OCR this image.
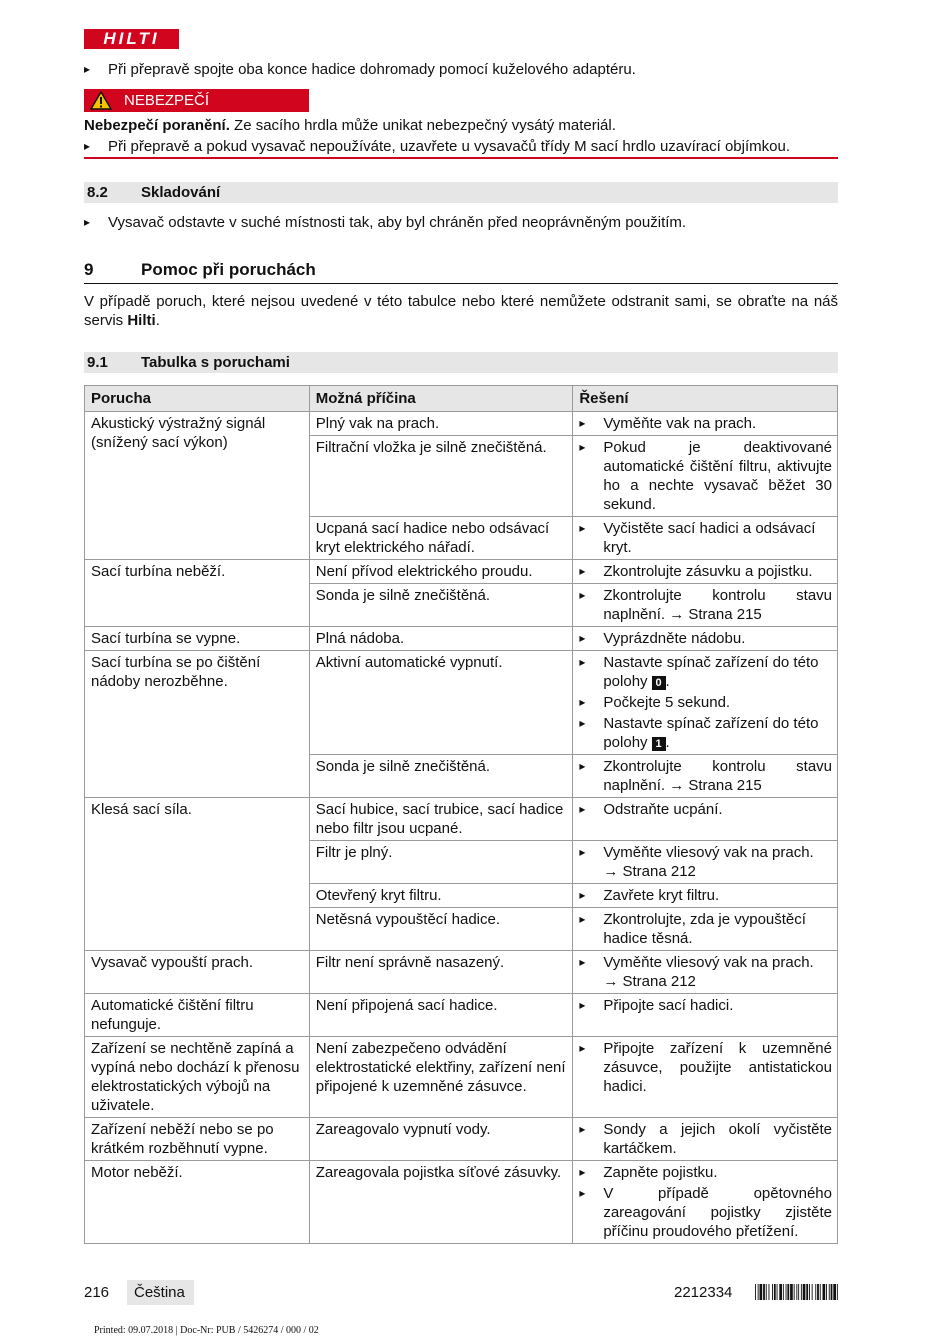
HILTI
▸ Při přepravě spojte oba konce hadice dohromady pomocí kuželového adaptéru.
NEBEZPEČÍ
Nebezpečí poranění. Ze sacího hrdla může unikat nebezpečný vysátý materiál.
▸ Při přepravě a pokud vysavač nepoužíváte, uzavřete u vysavačů třídy M sací hrdlo uzavírací objímkou.
8.2 Skladování
▸ Vysavač odstavte v suché místnosti tak, aby byl chráněn před neoprávněným použitím.
9	Pomoc při poruchách
V případě poruch, které nejsou uvedené v této tabulce nebo které nemůžete odstranit sami, se obraťte na náš servis Hilti.
9.1 Tabulka s poruchami
Porucha	Možná příčina	Řešení
Akustický výstražný signál (snížený sací výkon)	Plný vak na prach.	▸ Vyměňte vak na prach.

	Filtrační vložka je silně znečištěná.	▸ Pokud je deaktivované automatické čištění filtru, aktivujte ho a nechte vysavač běžet 30 sekund.

	Ucpaná sací hadice nebo odsávací kryt elektrického nářadí.	▸ Vyčistěte sací hadici a odsávací kryt.

Sací turbína neběží.	Není přívod elektrického proudu.	▸ Zkontrolujte zásuvku a pojistku.

	Sonda je silně znečištěná.	▸ Zkontrolujte kontrolu stavu naplnění. → Strana 215

Sací turbína se vypne.	Plná nádoba.	▸ Vyprázdněte nádobu.

Sací turbína se po čištění nádoby nerozběhne.	Aktivní automatické vypnutí.	▸ Nastavte spínač zařízení do této polohy 0 .
▸ Počkejte 5 sekund.
▸ Nastavte spínač zařízení do této polohy 1 .

	Sonda je silně znečištěná.	▸ Zkontrolujte kontrolu stavu naplnění. → Strana 215

Klesá sací síla.	Sací hubice, sací trubice, sací hadice nebo filtr jsou ucpané.	▸ Odstraňte ucpání.

	Filtr je plný.	▸ Vyměňte vliesový vak na prach. → Strana 212

	Otevřený kryt filtru.	▸ Zavřete kryt filtru.

	Netěsná vypouštěcí hadice.	▸ Zkontrolujte, zda je vypouštěcí hadice těsná.

Vysavač vypouští prach.	Filtr není správně nasazený.	▸ Vyměňte vliesový vak na prach. → Strana 212

Automatické čištění filtru nefunguje.	Není připojená sací hadice.	▸ Připojte sací hadici.

Zařízení se nechtěně zapíná a vypíná nebo dochází k přenosu elektrostatických výbojů na uživatele.	Není zabezpečeno odvádění elektrostatické elektřiny, zařízení není připojené k uzemněné zásuvce.	▸ Připojte zařízení k uzemněné zásuvce, použijte antistatickou hadici.

Zařízení neběží nebo se po krátkém rozběhnutí vypne.	Zareagovalo vypnutí vody.	▸ Sondy a jejich okolí vyčistěte kartáčkem.

Motor neběží.	Zareagovala pojistka síťové zásuvky.	▸ Zapněte pojistku.
▸ V případě opětovného zareagování pojistky zjistěte příčinu proudového přetížení.
216	Čeština	2212334
Printed: 09.07.2018 | Doc-Nr: PUB / 5426274 / 000 / 02
